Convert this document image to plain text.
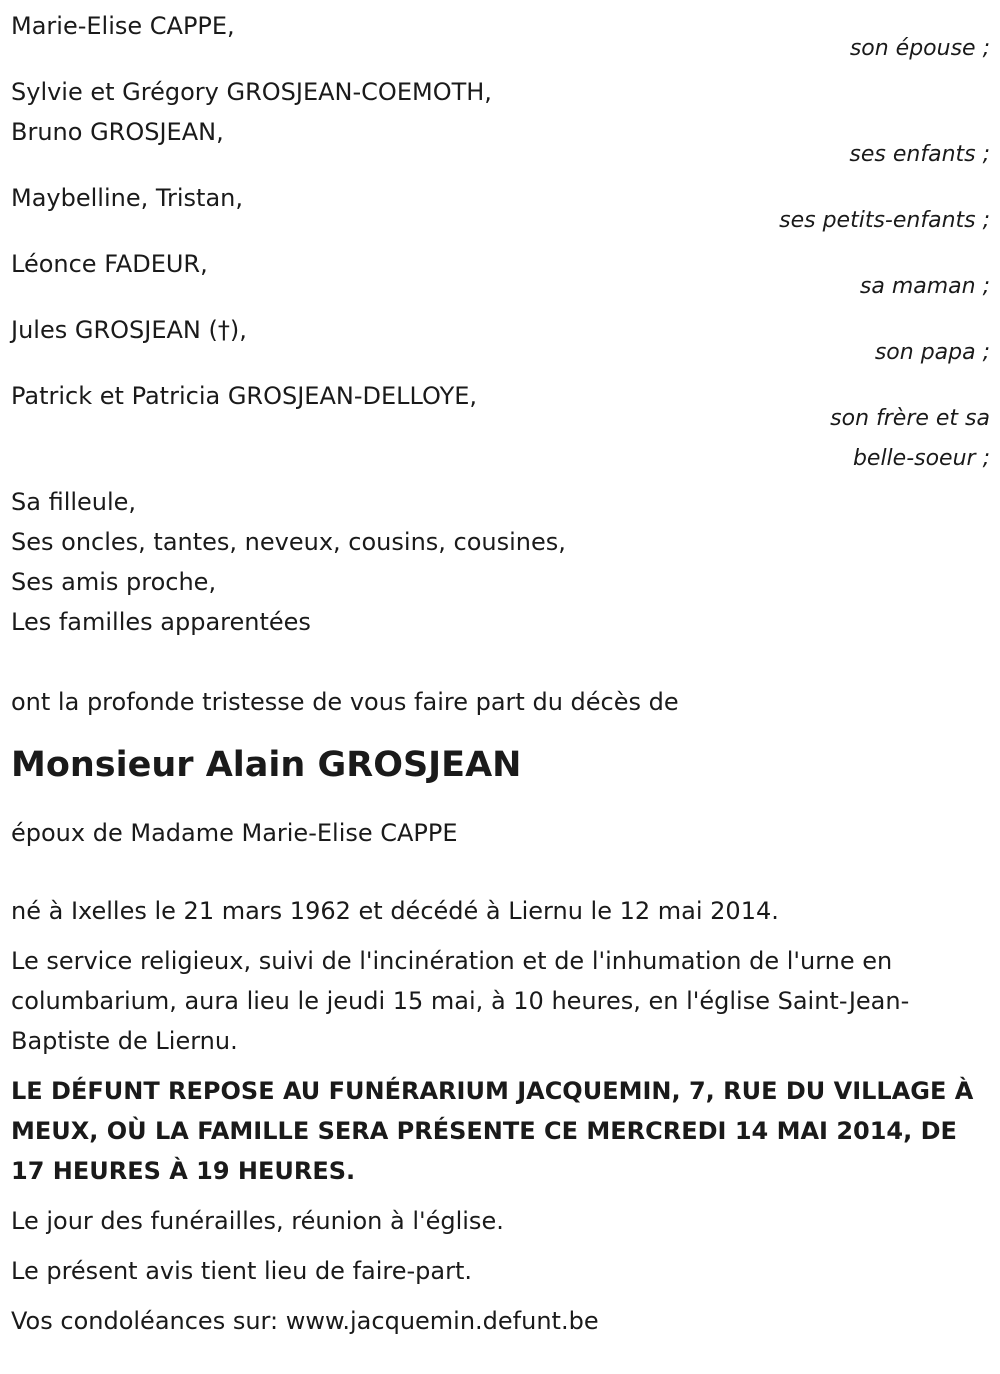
Marie-Elise CAPPE,
son épouse ;
Sylvie et Grégory GROSJEAN-COEMOTH,
Bruno GROSJEAN,
ses enfants ;
Maybelline, Tristan,
ses petits-enfants ;
Léonce FADEUR,
sa maman ;
Jules GROSJEAN (†),
son papa ;
Patrick et Patricia GROSJEAN-DELLOYE,
son frère et sa
belle-soeur ;
Sa filleule,
Ses oncles, tantes, neveux, cousins, cousines,
Ses amis proche,
Les familles apparentées
ont la profonde tristesse de vous faire part du décès de
Monsieur Alain GROSJEAN
époux de Madame Marie-Elise CAPPE
né à Ixelles le 21 mars 1962 et décédé à Liernu le 12 mai 2014.

Le service religieux, suivi de l'incinération et de l'inhumation de l'urne en columbarium, aura lieu le jeudi 15 mai, à 10 heures, en l'église Saint-Jean-Baptiste de Liernu.

LE DÉFUNT REPOSE AU FUNÉRARIUM JACQUEMIN, 7, RUE DU VILLAGE À MEUX, OÙ LA FAMILLE SERA PRÉSENTE CE MERCREDI 14 MAI 2014, DE 17 HEURES À 19 HEURES.

Le jour des funérailles, réunion à l'église.

Le présent avis tient lieu de faire-part.

Vos condoléances sur: www.jacquemin.defunt.be
